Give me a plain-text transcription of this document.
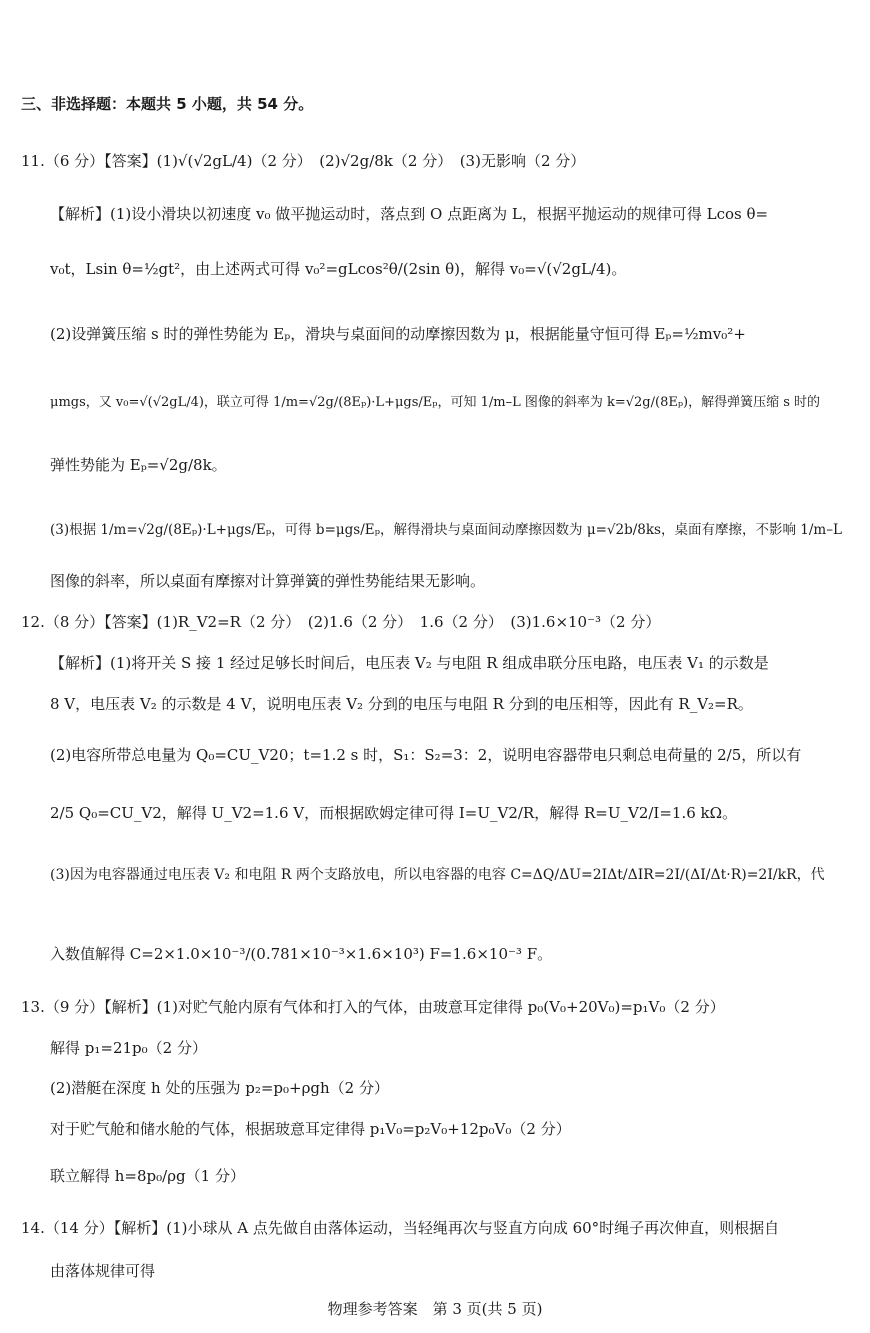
三、非选择题：本题共 5 小题，共 54 分。
11.（6 分）【答案】(1)√(√2gL/4)（2 分）　(2)√2g/8k（2 分）　(3)无影响（2 分）
【解析】(1)设小滑块以初速度 v₀ 做平抛运动时，落点到 O 点距离为 L，根据平抛运动的规律可得 Lcos θ=
v₀t，Lsin θ=½gt²，由上述两式可得 v₀²=gLcos²θ/(2sin θ)，解得 v₀=√(√2gL/4)。
(2)设弹簧压缩 s 时的弹性势能为 Eₚ，滑块与桌面间的动摩擦因数为 μ，根据能量守恒可得 Eₚ=½mv₀²+
μmgs，又 v₀=√(√2gL/4)，联立可得 1/m=√2g/(8Eₚ)·L+μgs/Eₚ，可知 1/m–L 图像的斜率为 k=√2g/(8Eₚ)，解得弹簧压缩 s 时的
弹性势能为 Eₚ=√2g/8k。
(3)根据 1/m=√2g/(8Eₚ)·L+μgs/Eₚ，可得 b=μgs/Eₚ，解得滑块与桌面间动摩擦因数为 μ=√2b/8ks，桌面有摩擦，不影响 1/m–L
图像的斜率，所以桌面有摩擦对计算弹簧的弹性势能结果无影响。
12.（8 分）【答案】(1)R_V2=R（2 分）　(2)1.6（2 分）　1.6（2 分）　(3)1.6×10⁻³（2 分）
【解析】(1)将开关 S 接 1 经过足够长时间后，电压表 V₂ 与电阻 R 组成串联分压电路，电压表 V₁ 的示数是
8 V，电压表 V₂ 的示数是 4 V，说明电压表 V₂ 分到的电压与电阻 R 分到的电压相等，因此有 R_V₂=R。
(2)电容所带总电量为 Q₀=CU_V20；t=1.2 s 时，S₁：S₂=3：2，说明电容器带电只剩总电荷量的 2/5，所以有
2/5 Q₀=CU_V2，解得 U_V2=1.6 V，而根据欧姆定律可得 I=U_V2/R，解得 R=U_V2/I=1.6 kΩ。
(3)因为电容器通过电压表 V₂ 和电阻 R 两个支路放电，所以电容器的电容 C=ΔQ/ΔU=2IΔt/ΔIR=2I/(ΔI/Δt·R)=2I/kR，代
入数值解得 C=2×1.0×10⁻³/(0.781×10⁻³×1.6×10³) F=1.6×10⁻³ F。
13.（9 分）【解析】(1)对贮气舱内原有气体和打入的气体，由玻意耳定律得 p₀(V₀+20V₀)=p₁V₀（2 分）
解得 p₁=21p₀（2 分）
(2)潜艇在深度 h 处的压强为 p₂=p₀+ρgh（2 分）
对于贮气舱和储水舱的气体，根据玻意耳定律得 p₁V₀=p₂V₀+12p₀V₀（2 分）
联立解得 h=8p₀/ρg（1 分）
14.（14 分）【解析】(1)小球从 A 点先做自由落体运动，当轻绳再次与竖直方向成 60°时绳子再次伸直，则根据自
由落体规律可得
物理参考答案　第 3 页(共 5 页)
